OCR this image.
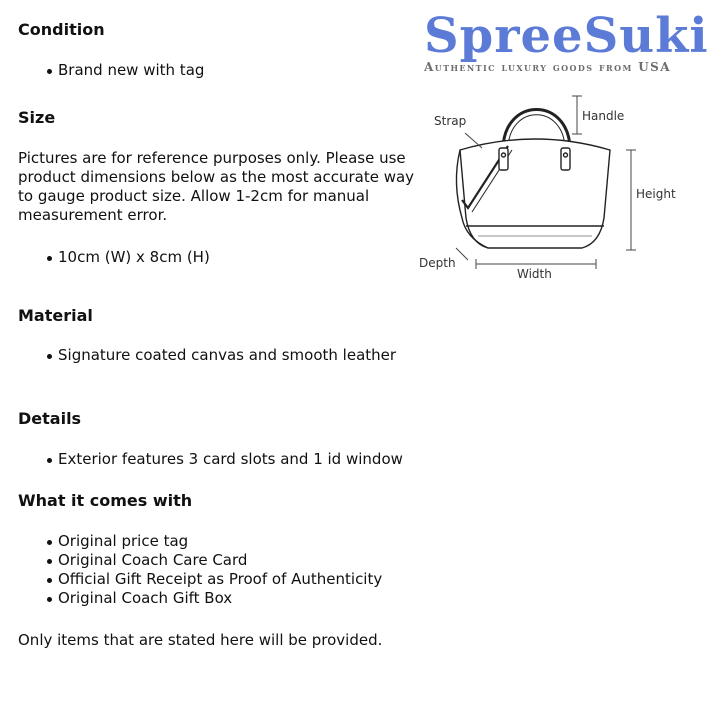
Condition
Brand new with tag
Size

Pictures are for reference purposes only. Please use product dimensions below as the most accurate way to gauge product size. Allow 1-2cm for manual measurement error.

10cm (W) x 8cm (H)
Material
Signature coated canvas and smooth leather
Details
Exterior features 3 card slots and 1 id window
What it comes with
Original price tag
Original Coach Care Card
Official Gift Receipt as Proof of Authenticity
Original Coach Gift Box

Only items that are stated here will be provided.

SpreeSuki
Authentic luxury goods from USA
Strap	Handle
Height
Depth
Width
